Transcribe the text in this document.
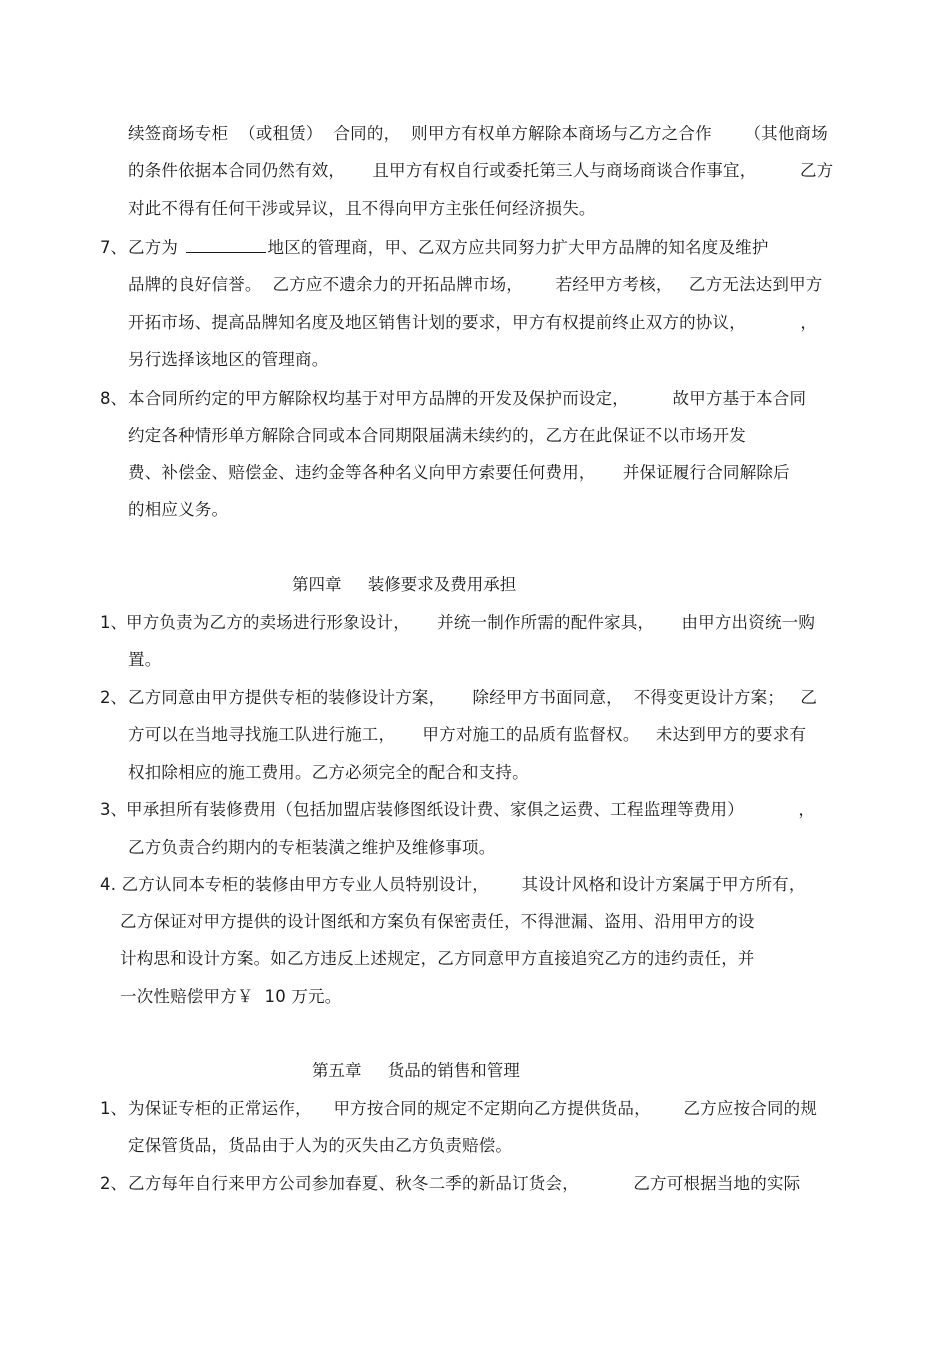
续签商场专柜  （或租赁）  合同的，  则甲方有权单方解除本商场与乙方之合作      （其他商场
的条件依据本合同仍然有效，     且甲方有权自行或委托第三人与商场商谈合作事宜，        乙方
对此不得有任何干涉或异议，且不得向甲方主张任何经济损失。
7、 乙方为	地区的管理商，甲、乙双方应共同努力扩大甲方品牌的知名度及维护
品牌的良好信誉。  乙方应不遗余力的开拓品牌市场，      若经甲方考核，   乙方无法达到甲方
开拓市场、提高品牌知名度及地区销售计划的要求，甲方有权提前终止双方的协议，          ，
另行选择该地区的管理商。
8、 本合同所约定的甲方解除权均基于对甲方品牌的开发及保护而设定，        故甲方基于本合同
约定各种情形单方解除合同或本合同期限届满未续约的，乙方在此保证不以市场开发
费、补偿金、赔偿金、违约金等各种名义向甲方索要任何费用，     并保证履行合同解除后
的相应义务。
第四章     装修要求及费用承担
1、 甲方负责为乙方的卖场进行形象设计，     并统一制作所需的配件家具，     由甲方出资统一购
置。
2、 乙方同意由甲方提供专柜的装修设计方案，     除经甲方书面同意，  不得变更设计方案；   乙
方可以在当地寻找施工队进行施工，     甲方对施工的品质有监督权。   未达到甲方的要求有
权扣除相应的施工费用。乙方必须完全的配合和支持。
3、 甲承担所有装修费用（包括加盟店装修图纸设计费、家俱之运费、工程监理等费用）          ，
乙方负责合约期内的专柜装潢之维护及维修事项。
4. 乙方认同本专柜的装修由甲方专业人员特别设计，      其设计风格和设计方案属于甲方所有，
乙方保证对甲方提供的设计图纸和方案负有保密责任，不得泄漏、盗用、沿用甲方的设
计构思和设计方案。如乙方违反上述规定，乙方同意甲方直接追究乙方的违约责任，并
一次性赔偿甲方￥  10 万元。
第五章     货品的销售和管理
1、 为保证专柜的正常运作，    甲方按合同的规定不定期向乙方提供货品，      乙方应按合同的规
定保管货品，货品由于人为的灭失由乙方负责赔偿。
2、 乙方每年自行来甲方公司参加春夏、秋冬二季的新品订货会，          乙方可根据当地的实际
